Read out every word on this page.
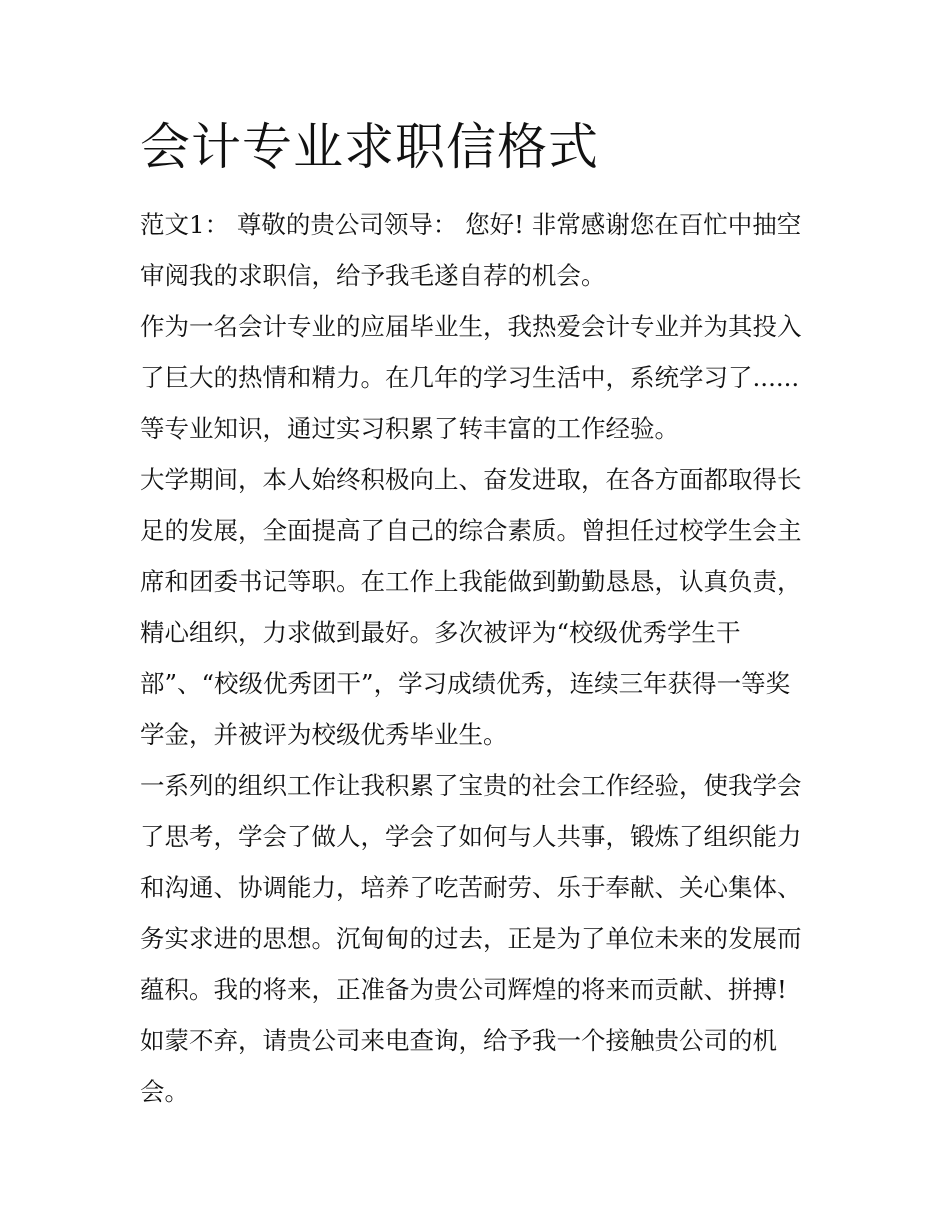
会计专业求职信格式
范文1： 尊敬的贵公司领导： 您好! 非常感谢您在百忙中抽空
审阅我的求职信，给予我毛遂自荐的机会。
作为一名会计专业的应届毕业生，我热爱会计专业并为其投入
了巨大的热情和精力。在几年的学习生活中，系统学习了......
等专业知识，通过实习积累了转丰富的工作经验。
大学期间，本人始终积极向上、奋发进取，在各方面都取得长
足的发展，全面提高了自己的综合素质。曾担任过校学生会主
席和团委书记等职。在工作上我能做到勤勤恳恳，认真负责，
精心组织，力求做到最好。多次被评为“校级优秀学生干
部”、“校级优秀团干”，学习成绩优秀，连续三年获得一等奖
学金，并被评为校级优秀毕业生。
一系列的组织工作让我积累了宝贵的社会工作经验，使我学会
了思考，学会了做人，学会了如何与人共事，锻炼了组织能力
和沟通、协调能力，培养了吃苦耐劳、乐于奉献、关心集体、
务实求进的思想。沉甸甸的过去，正是为了单位未来的发展而
蕴积。我的将来，正准备为贵公司辉煌的将来而贡献、拼搏!
如蒙不弃，请贵公司来电查询，给予我一个接触贵公司的机
会。
